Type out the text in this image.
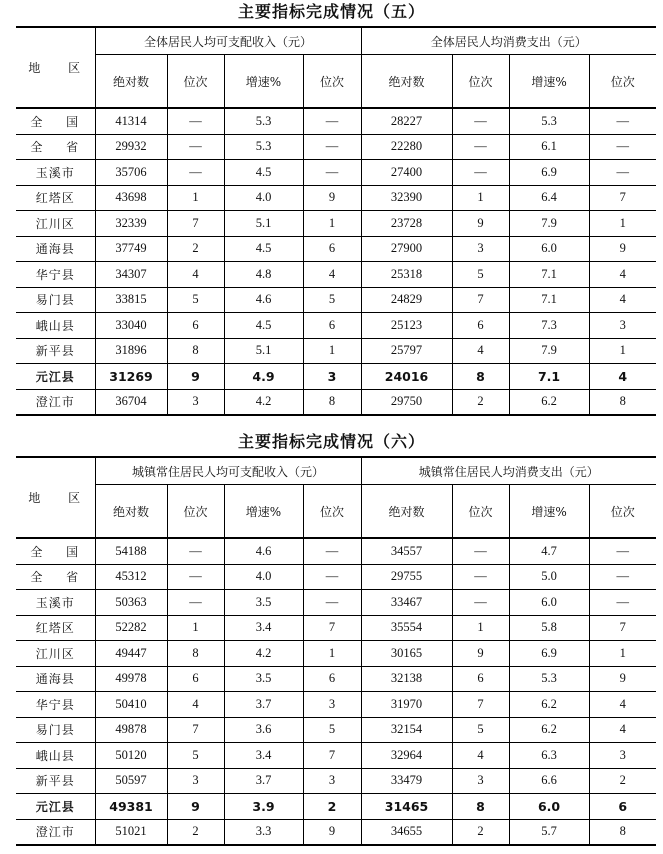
主要指标完成情况（五）
地 区	全体居民人均可支配收入（元）				全体居民人均消费支出（元）			
	绝对数	位次	增速%	位次	绝对数	位次	增速%	位次
全 国	41314	—	5.3	—	28227	—	5.3	—
全 省	29932	—	5.3	—	22280	—	6.1	—
玉溪市	35706	—	4.5	—	27400	—	6.9	—
红塔区	43698	1	4.0	9	32390	1	6.4	7
江川区	32339	7	5.1	1	23728	9	7.9	1
通海县	37749	2	4.5	6	27900	3	6.0	9
华宁县	34307	4	4.8	4	25318	5	7.1	4
易门县	33815	5	4.6	5	24829	7	7.1	4
峨山县	33040	6	4.5	6	25123	6	7.3	3
新平县	31896	8	5.1	1	25797	4	7.9	1
元江县	31269	9	4.9	3	24016	8	7.1	4
澄江市	36704	3	4.2	8	29750	2	6.2	8
主要指标完成情况（六）
地 区	城镇常住居民人均可支配收入（元）				城镇常住居民人均消费支出（元）			
	绝对数	位次	增速%	位次	绝对数	位次	增速%	位次
全 国	54188	—	4.6	—	34557	—	4.7	—
全 省	45312	—	4.0	—	29755	—	5.0	—
玉溪市	50363	—	3.5	—	33467	—	6.0	—
红塔区	52282	1	3.4	7	35554	1	5.8	7
江川区	49447	8	4.2	1	30165	9	6.9	1
通海县	49978	6	3.5	6	32138	6	5.3	9
华宁县	50410	4	3.7	3	31970	7	6.2	4
易门县	49878	7	3.6	5	32154	5	6.2	4
峨山县	50120	5	3.4	7	32964	4	6.3	3
新平县	50597	3	3.7	3	33479	3	6.6	2
元江县	49381	9	3.9	2	31465	8	6.0	6
澄江市	51021	2	3.3	9	34655	2	5.7	8
